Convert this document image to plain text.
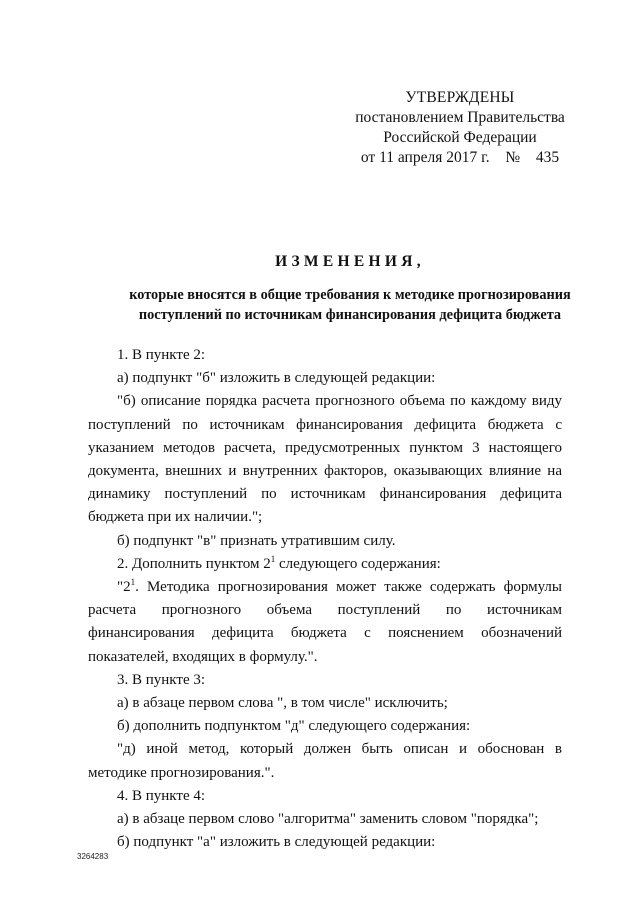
УТВЕРЖДЕНЫ
постановлением Правительства
Российской Федерации
от 11 апреля 2017 г. № 435
ИЗМЕНЕНИЯ,
которые вносятся в общие требования к методике прогнозирования
поступлений по источникам финансирования дефицита бюджета

1. В пункте 2:

а) подпункт "б" изложить в следующей редакции:

"б) описание порядка расчета прогнозного объема по каждому виду поступлений по источникам финансирования дефицита бюджета с указанием методов расчета, предусмотренных пунктом 3 настоящего документа, внешних и внутренних факторов, оказывающих влияние на динамику поступлений по источникам финансирования дефицита бюджета при их наличии.";

б) подпункт "в" признать утратившим силу.

2. Дополнить пунктом $2^1$ следующего содержания:

"$2^1$. Методика прогнозирования может также содержать формулы расчета прогнозного объема поступлений по источникам финансирования дефицита бюджета с пояснением обозначений показателей, входящих в формулу.".

3. В пункте 3:

а) в абзаце первом слова ", в том числе" исключить;

б) дополнить подпунктом "д" следующего содержания:

"д) иной метод, который должен быть описан и обоснован в методике прогнозирования.".

4. В пункте 4:

а) в абзаце первом слово "алгоритма" заменить словом "порядка";

б) подпункт "а" изложить в следующей редакции:

3264283
